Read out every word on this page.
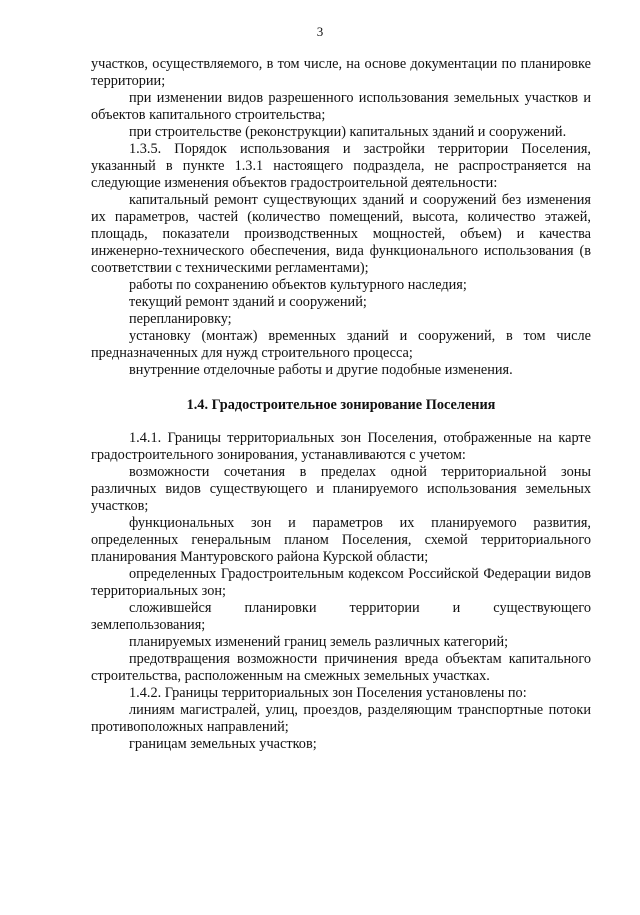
3

участков, осуществляемого, в том числе, на основе документации по планировке территории;

при изменении видов разрешенного использования земельных участков и объектов капитального строительства;

при строительстве (реконструкции) капитальных зданий и сооружений.

1.3.5. Порядок использования и застройки территории Поселения, указанный в пункте 1.3.1 настоящего подраздела, не распространяется на следующие изменения объектов градостроительной деятельности:

капитальный ремонт существующих зданий и сооружений без изменения их параметров, частей (количество помещений, высота, количество этажей, площадь, показатели производственных мощностей, объем) и качества инженерно-технического обеспечения, вида функционального использования (в соответствии с техническими регламентами);

работы по сохранению объектов культурного наследия;

текущий ремонт зданий и сооружений;

перепланировку;

установку (монтаж) временных зданий и сооружений, в том числе предназначенных для нужд строительного процесса;

внутренние отделочные работы и другие подобные изменения.

1.4. Градостроительное зонирование Поселения

1.4.1. Границы территориальных зон Поселения, отображенные на карте градостроительного зонирования, устанавливаются с учетом:

возможности сочетания в пределах одной территориальной зоны различных видов существующего и планируемого использования земельных участков;

функциональных зон и параметров их планируемого развития, определенных генеральным планом Поселения, схемой территориального планирования Мантуровского района Курской области;

определенных Градостроительным кодексом Российской Федерации видов территориальных зон;

сложившейся планировки территории и существующего землепользования;

планируемых изменений границ земель различных категорий;

предотвращения возможности причинения вреда объектам капитального строительства, расположенным на смежных земельных участках.

1.4.2. Границы территориальных зон Поселения установлены по:

линиям магистралей, улиц, проездов, разделяющим транспортные потоки противоположных направлений;

границам земельных участков;
